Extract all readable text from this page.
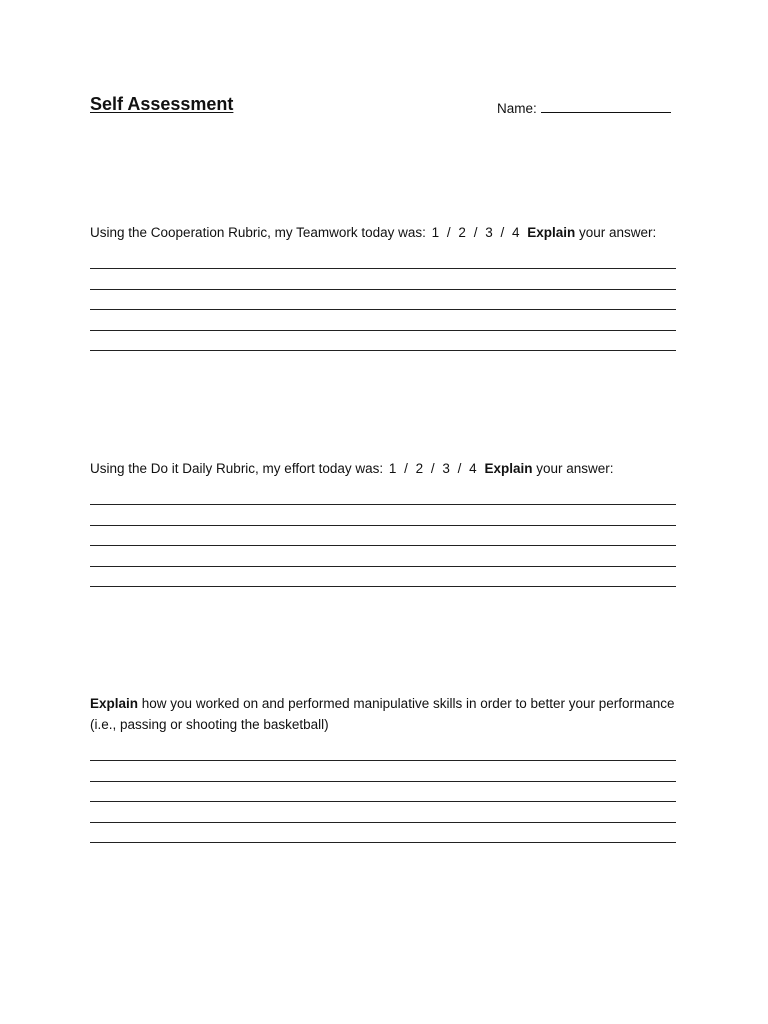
Self Assessment	Name:
Using the Cooperation Rubric, my Teamwork today was: 1 / 2 / 3 / 4 Explain your answer:
Using the Do it Daily Rubric, my effort today was: 1 / 2 / 3 / 4 Explain your answer:
Explain how you worked on and performed manipulative skills in order to better your performance (i.e., passing or shooting the basketball)
